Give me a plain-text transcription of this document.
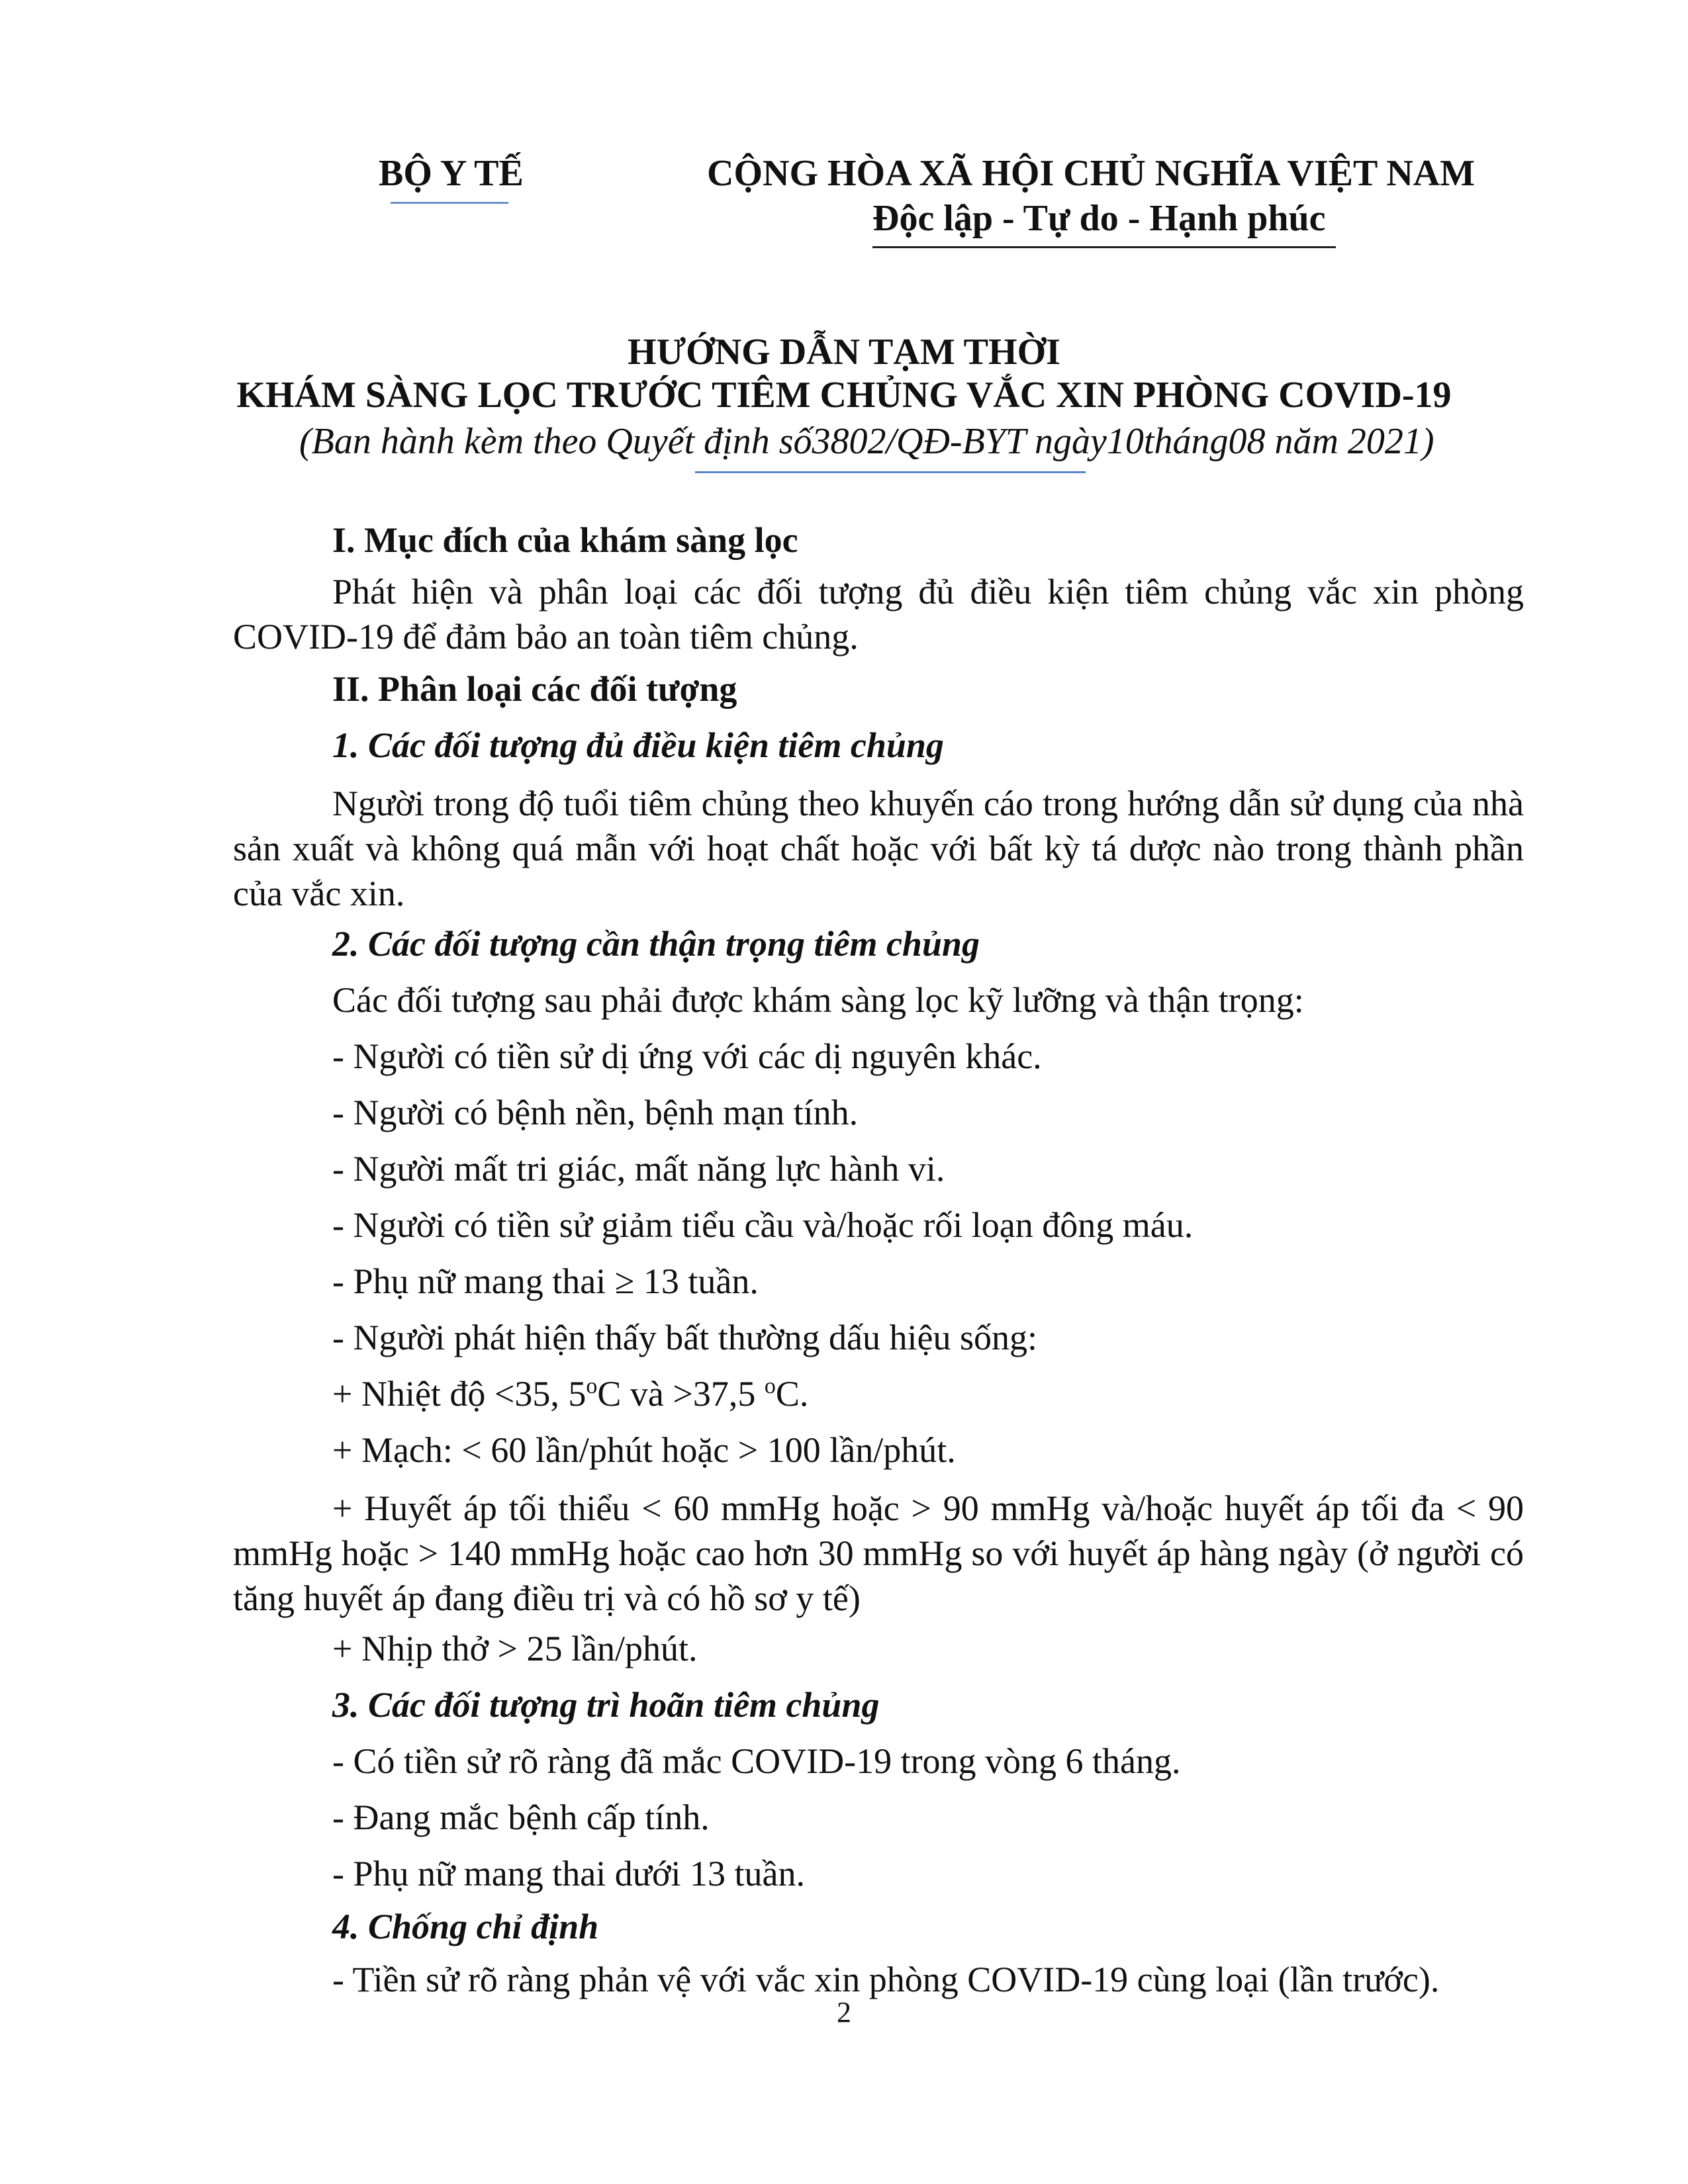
BỘ Y TẾ	CỘNG HÒA XÃ HỘI CHỦ NGHĨA VIỆT NAM
Độc lập - Tự do - Hạnh phúc
HƯỚNG DẪN TẠM THỜI
KHÁM SÀNG LỌC TRƯỚC TIÊM CHỦNG VẮC XIN PHÒNG COVID-19
(Ban hành kèm theo Quyết định số3802/QĐ-BYT ngày10tháng08 năm 2021)
I. Mục đích của khám sàng lọc
Phát hiện và phân loại các đối tượng đủ điều kiện tiêm chủng vắc xin phòng COVID-19 để đảm bảo an toàn tiêm chủng.
II. Phân loại các đối tượng
1. Các đối tượng đủ điều kiện tiêm chủng
Người trong độ tuổi tiêm chủng theo khuyến cáo trong hướng dẫn sử dụng của nhà sản xuất và không quá mẫn với hoạt chất hoặc với bất kỳ tá dược nào trong thành phần của vắc xin.
2. Các đối tượng cần thận trọng tiêm chủng
Các đối tượng sau phải được khám sàng lọc kỹ lưỡng và thận trọng:
- Người có tiền sử dị ứng với các dị nguyên khác.
- Người có bệnh nền, bệnh mạn tính.
- Người mất tri giác, mất năng lực hành vi.
- Người có tiền sử giảm tiểu cầu và/hoặc rối loạn đông máu.
- Phụ nữ mang thai ≥ 13 tuần.
- Người phát hiện thấy bất thường dấu hiệu sống:
+ Nhiệt độ <35, 5$^o$C và >37,5 $^o$C.
+ Mạch: < 60 lần/phút hoặc > 100 lần/phút.
+ Huyết áp tối thiểu < 60 mmHg hoặc > 90 mmHg và/hoặc huyết áp tối đa < 90 mmHg hoặc > 140 mmHg hoặc cao hơn 30 mmHg so với huyết áp hàng ngày (ở người có tăng huyết áp đang điều trị và có hồ sơ y tế)
+ Nhịp thở > 25 lần/phút.
3. Các đối tượng trì hoãn tiêm chủng
- Có tiền sử rõ ràng đã mắc COVID-19 trong vòng 6 tháng.
- Đang mắc bệnh cấp tính.
- Phụ nữ mang thai dưới 13 tuần.
4. Chống chỉ định
- Tiền sử rõ ràng phản vệ với vắc xin phòng COVID-19 cùng loại (lần trước).
2
